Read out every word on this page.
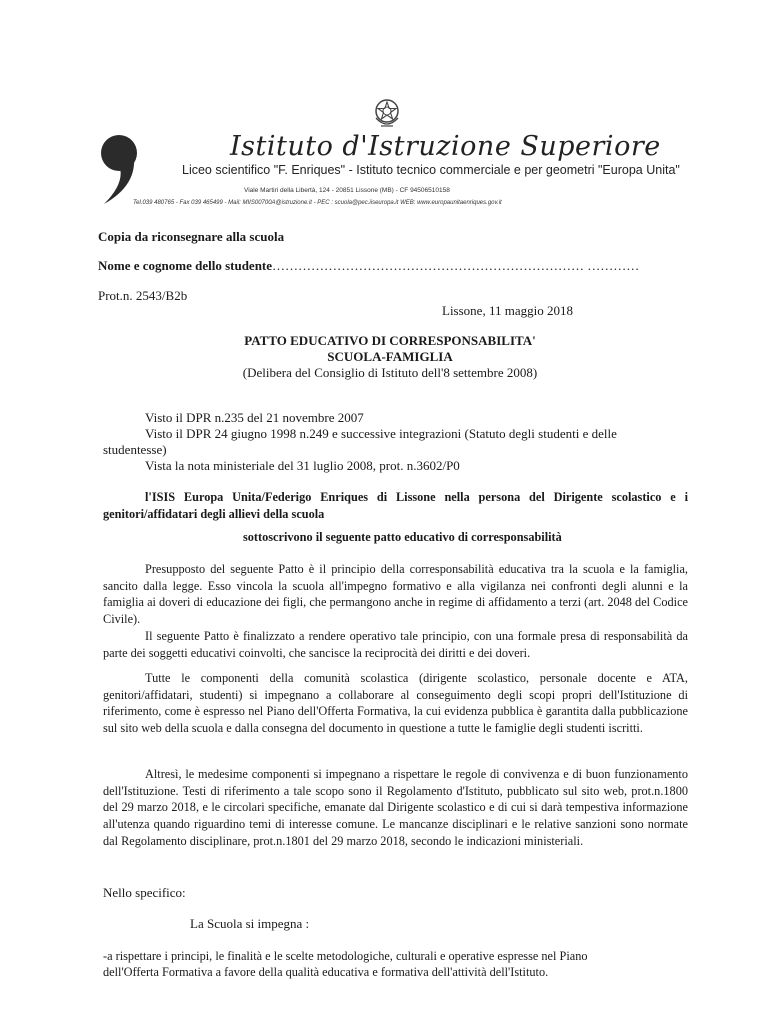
Istituto d'Istruzione Superiore
Liceo scientifico "F. Enriques" - Istituto tecnico commerciale e per geometri "Europa Unita"
Viale Martiri della Libertà, 124 - 20851 Lissone (MB) - CF 94506510158
Tel.039 480765 - Fax 039 465499 - Mail: MIIS00700A@istruzione.it - PEC : scuola@pec.iiseuropa.it WEB: www.europaunitaenriques.gov.it
Copia da riconsegnare alla scuola
Nome e cognome dello studente……………………………………………………………… …………
Prot.n. 2543/B2b
Lissone, 11 maggio 2018
PATTO EDUCATIVO DI CORRESPONSABILITA'
SCUOLA-FAMIGLIA
(Delibera del Consiglio di Istituto dell'8 settembre 2008)
Visto il DPR n.235 del 21 novembre 2007
Visto il DPR 24 giugno 1998 n.249 e successive integrazioni (Statuto degli studenti e delle
studentesse)
Vista la nota ministeriale del 31 luglio 2008, prot. n.3602/P0

l'ISIS Europa Unita/Federigo Enriques di Lissone nella persona del Dirigente scolastico e i genitori/affidatari degli allievi della scuola

sottoscrivono il seguente patto educativo di corresponsabilità

Presupposto del seguente Patto è il principio della corresponsabilità educativa tra la scuola e la famiglia, sancito dalla legge. Esso vincola la scuola all'impegno formativo e alla vigilanza nei confronti degli alunni e la famiglia ai doveri di educazione dei figli, che permangono anche in regime di affidamento a terzi (art. 2048 del Codice Civile).

Il seguente Patto è finalizzato a rendere operativo tale principio, con una formale presa di responsabilità da parte dei soggetti educativi coinvolti, che sancisce la reciprocità dei diritti e dei doveri.

Tutte le componenti della comunità scolastica (dirigente scolastico, personale docente e ATA, genitori/affidatari, studenti) si impegnano a collaborare al conseguimento degli scopi propri dell'Istituzione di riferimento, come è espresso nel Piano dell'Offerta Formativa, la cui evidenza pubblica è garantita dalla pubblicazione sul sito web della scuola e dalla consegna del documento in questione a tutte le famiglie degli studenti iscritti.

Altresì, le medesime componenti si impegnano a rispettare le regole di convivenza e di buon funzionamento dell'Istituzione. Testi di riferimento a tale scopo sono il Regolamento d'Istituto, pubblicato sul sito web, prot.n.1800 del 29 marzo 2018, e le circolari specifiche, emanate dal Dirigente scolastico e di cui si darà tempestiva informazione all'utenza quando riguardino temi di interesse comune. Le mancanze disciplinari e le relative sanzioni sono normate dal Regolamento disciplinare, prot.n.1801 del 29 marzo 2018, secondo le indicazioni ministeriali.

Nello specifico:
La Scuola si impegna :
-a rispettare i principi, le finalità e le scelte metodologiche, culturali e operative espresse nel Piano
dell'Offerta Formativa a favore della qualità educativa e formativa dell'attività dell'Istituto.
